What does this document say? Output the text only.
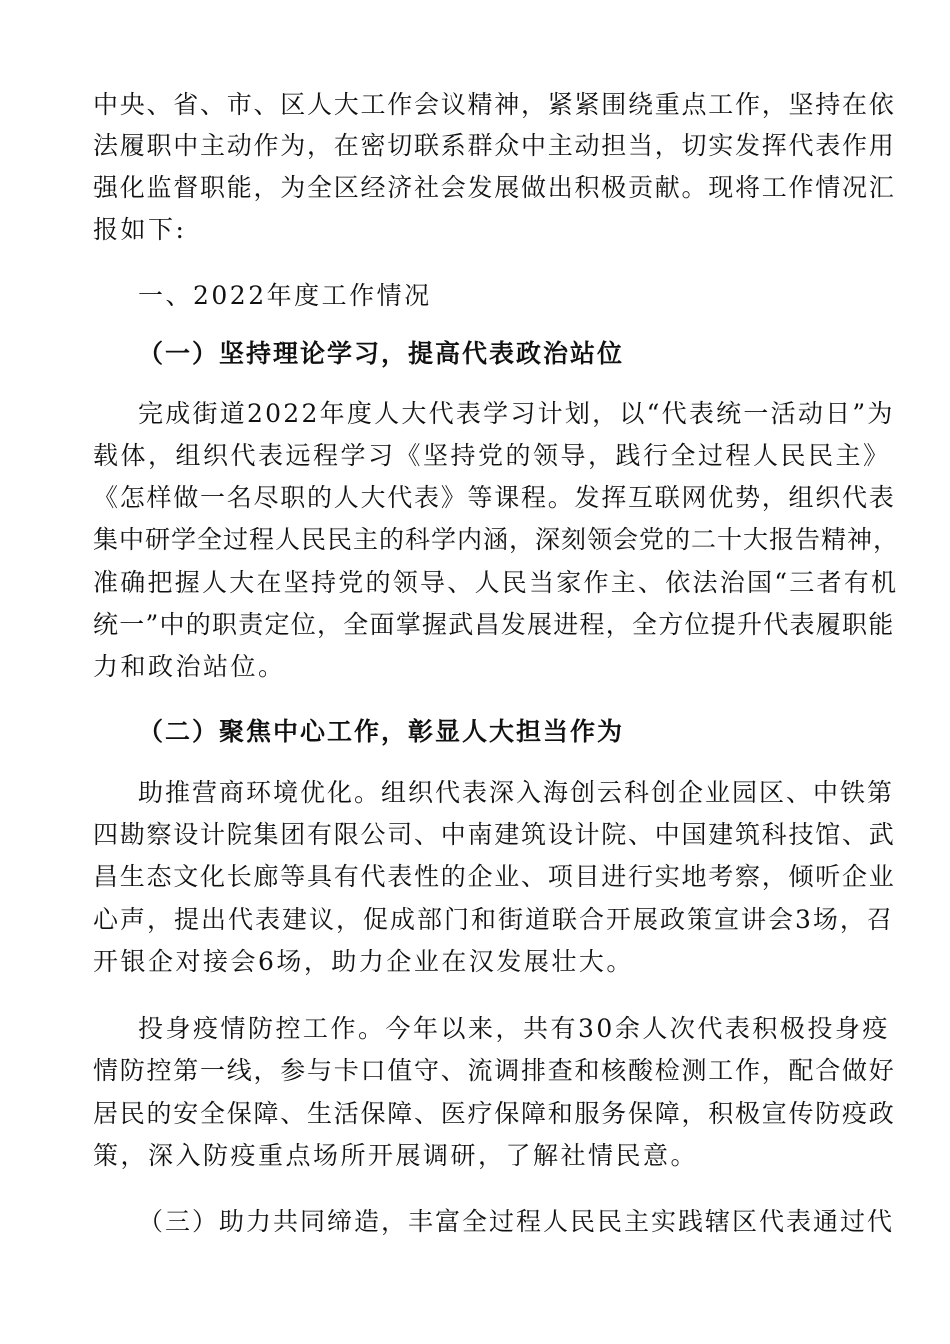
中央、省、市、区人大工作会议精神，紧紧围绕重点工作，坚持在依
法履职中主动作为，在密切联系群众中主动担当，切实发挥代表作用
强化监督职能，为全区经济社会发展做出积极贡献。现将工作情况汇
报如下:
一、2022年度工作情况
（一）坚持理论学习，提高代表政治站位
完成街道2022年度人大代表学习计划，以“代表统一活动日”为
载体，组织代表远程学习《坚持党的领导，践行全过程人民民主》
《怎样做一名尽职的人大代表》等课程。发挥互联网优势，组织代表
集中研学全过程人民民主的科学内涵，深刻领会党的二十大报告精神，
准确把握人大在坚持党的领导、人民当家作主、依法治国“三者有机
统一”中的职责定位，全面掌握武昌发展进程，全方位提升代表履职能
力和政治站位。
（二）聚焦中心工作，彰显人大担当作为
助推营商环境优化。组织代表深入海创云科创企业园区、中铁第
四勘察设计院集团有限公司、中南建筑设计院、中国建筑科技馆、武
昌生态文化长廊等具有代表性的企业、项目进行实地考察，倾听企业
心声，提出代表建议，促成部门和街道联合开展政策宣讲会3场，召
开银企对接会6场，助力企业在汉发展壮大。
投身疫情防控工作。今年以来，共有30余人次代表积极投身疫
情防控第一线，参与卡口值守、流调排查和核酸检测工作，配合做好
居民的安全保障、生活保障、医疗保障和服务保障，积极宣传防疫政
策，深入防疫重点场所开展调研，了解社情民意。
（三）助力共同缔造，丰富全过程人民民主实践辖区代表通过代
